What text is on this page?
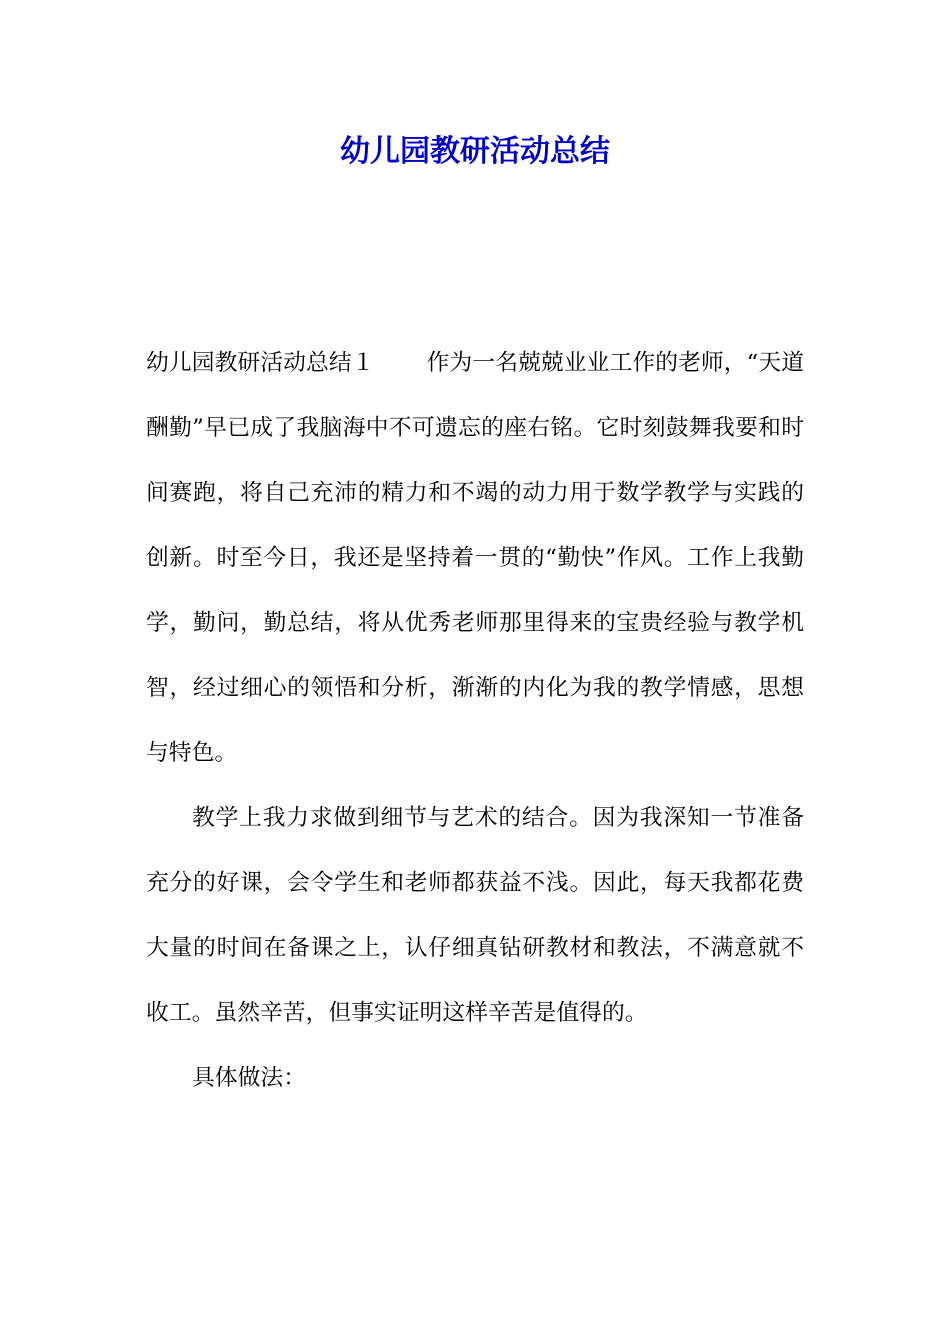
幼儿园教研活动总结

幼儿园教研活动总结１ 作为一名兢兢业业工作的老师，“天道酬勤”早已成了我脑海中不可遗忘的座右铭。它时刻鼓舞我要和时间赛跑，将自己充沛的精力和不竭的动力用于数学教学与实践的创新。时至今日，我还是坚持着一贯的“勤快”作风。工作上我勤学，勤问，勤总结，将从优秀老师那里得来的宝贵经验与教学机智，经过细心的领悟和分析，渐渐的内化为我的教学情感，思想与特色。

教学上我力求做到细节与艺术的结合。因为我深知一节准备充分的好课，会令学生和老师都获益不浅。因此，每天我都花费大量的时间在备课之上，认仔细真钻研教材和教法，不满意就不收工。虽然辛苦，但事实证明这样辛苦是值得的。

具体做法：
